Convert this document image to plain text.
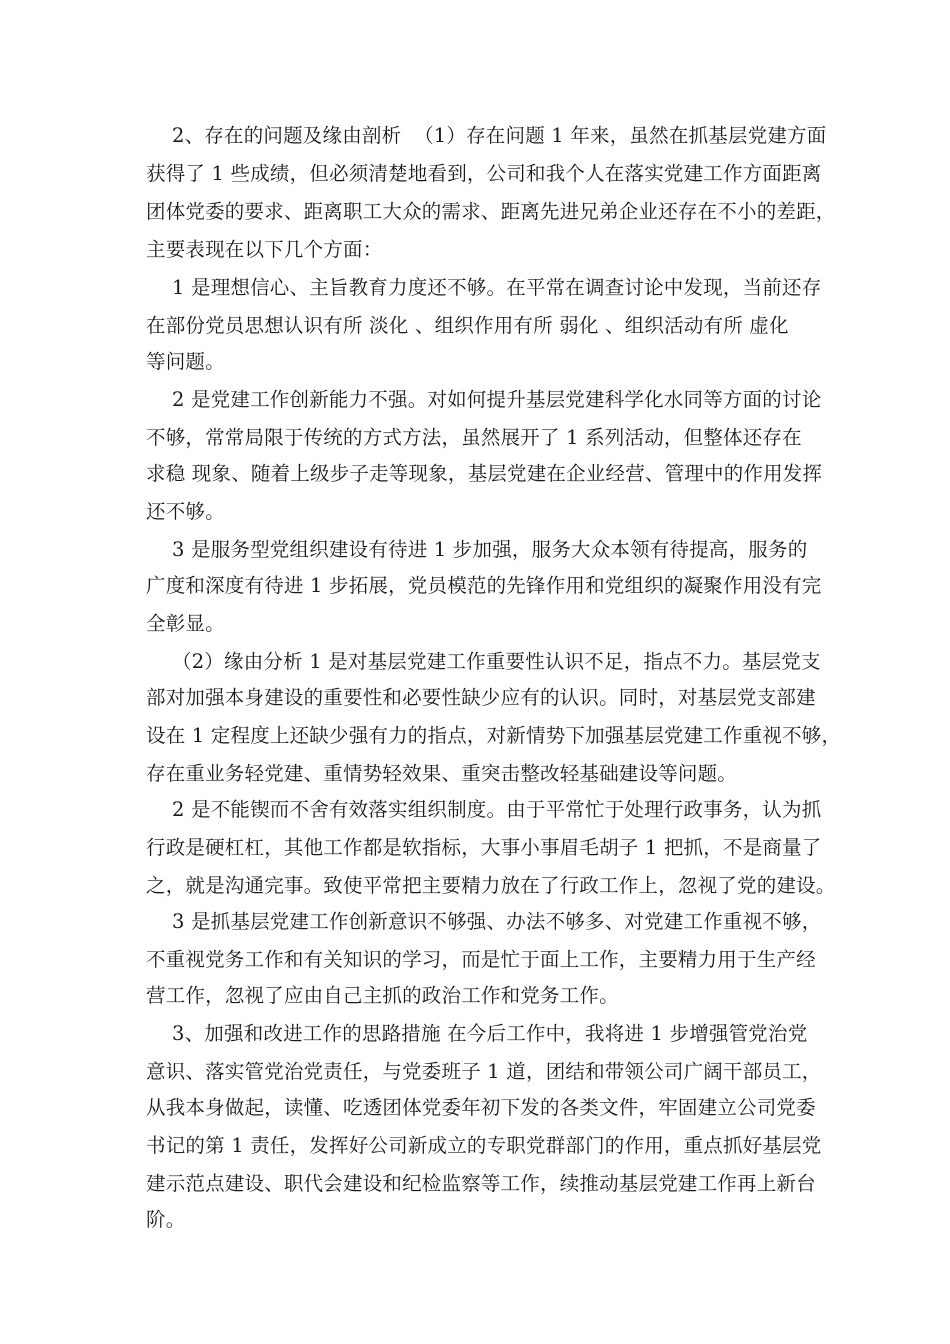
2、存在的问题及缘由剖析  （1）存在问题 1 年来，虽然在抓基层党建方面
获得了 1 些成绩，但必须清楚地看到，公司和我个人在落实党建工作方面距离
团体党委的要求、距离职工大众的需求、距离先进兄弟企业还存在不小的差距，
主要表现在以下几个方面：
1 是理想信心、主旨教育力度还不够。在平常在调查讨论中发现，当前还存
在部份党员思想认识有所 淡化 、组织作用有所 弱化 、组织活动有所 虚化
等问题。
2 是党建工作创新能力不强。对如何提升基层党建科学化水同等方面的讨论
不够，常常局限于传统的方式方法，虽然展开了 1 系列活动，但整体还存在
求稳 现象、随着上级步子走等现象，基层党建在企业经营、管理中的作用发挥
还不够。
3 是服务型党组织建设有待进 1 步加强，服务大众本领有待提高，服务的
广度和深度有待进 1 步拓展，党员模范的先锋作用和党组织的凝聚作用没有完
全彰显。
（2）缘由分析 1 是对基层党建工作重要性认识不足，指点不力。基层党支
部对加强本身建设的重要性和必要性缺少应有的认识。同时，对基层党支部建
设在 1 定程度上还缺少强有力的指点，对新情势下加强基层党建工作重视不够，
存在重业务轻党建、重情势轻效果、重突击整改轻基础建设等问题。
2 是不能锲而不舍有效落实组织制度。由于平常忙于处理行政事务，认为抓
行政是硬杠杠，其他工作都是软指标，大事小事眉毛胡子 1 把抓，不是商量了
之，就是沟通完事。致使平常把主要精力放在了行政工作上，忽视了党的建设。
3 是抓基层党建工作创新意识不够强、办法不够多、对党建工作重视不够，
不重视党务工作和有关知识的学习，而是忙于面上工作，主要精力用于生产经
营工作，忽视了应由自己主抓的政治工作和党务工作。
3、加强和改进工作的思路措施 在今后工作中，我将进 1 步增强管党治党
意识、落实管党治党责任，与党委班子 1 道，团结和带领公司广阔干部员工，
从我本身做起，读懂、吃透团体党委年初下发的各类文件，牢固建立公司党委
书记的第 1 责任，发挥好公司新成立的专职党群部门的作用，重点抓好基层党
建示范点建设、职代会建设和纪检监察等工作，续推动基层党建工作再上新台
阶。
